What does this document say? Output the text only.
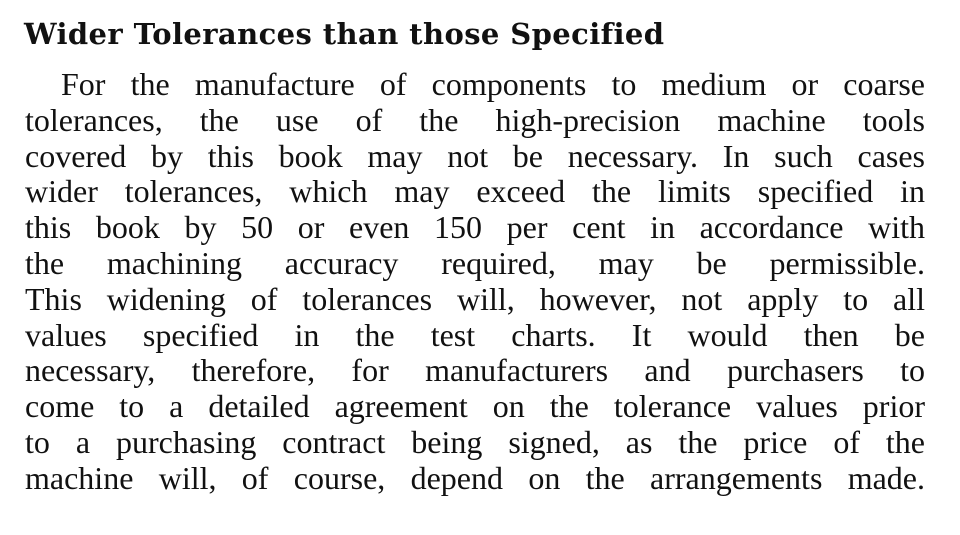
Wider Tolerances than those Specified
For the manufacture of components to medium or coarse
tolerances, the use of the high-precision machine tools
covered by this book may not be necessary. In such cases
wider tolerances, which may exceed the limits specified in
this book by 50 or even 150 per cent in accordance with
the machining accuracy required, may be permissible.
This widening of tolerances will, however, not apply to all
values specified in the test charts. It would then be
necessary, therefore, for manufacturers and purchasers to
come to a detailed agreement on the tolerance values prior
to a purchasing contract being signed, as the price of the
machine will, of course, depend on the arrangements made.
